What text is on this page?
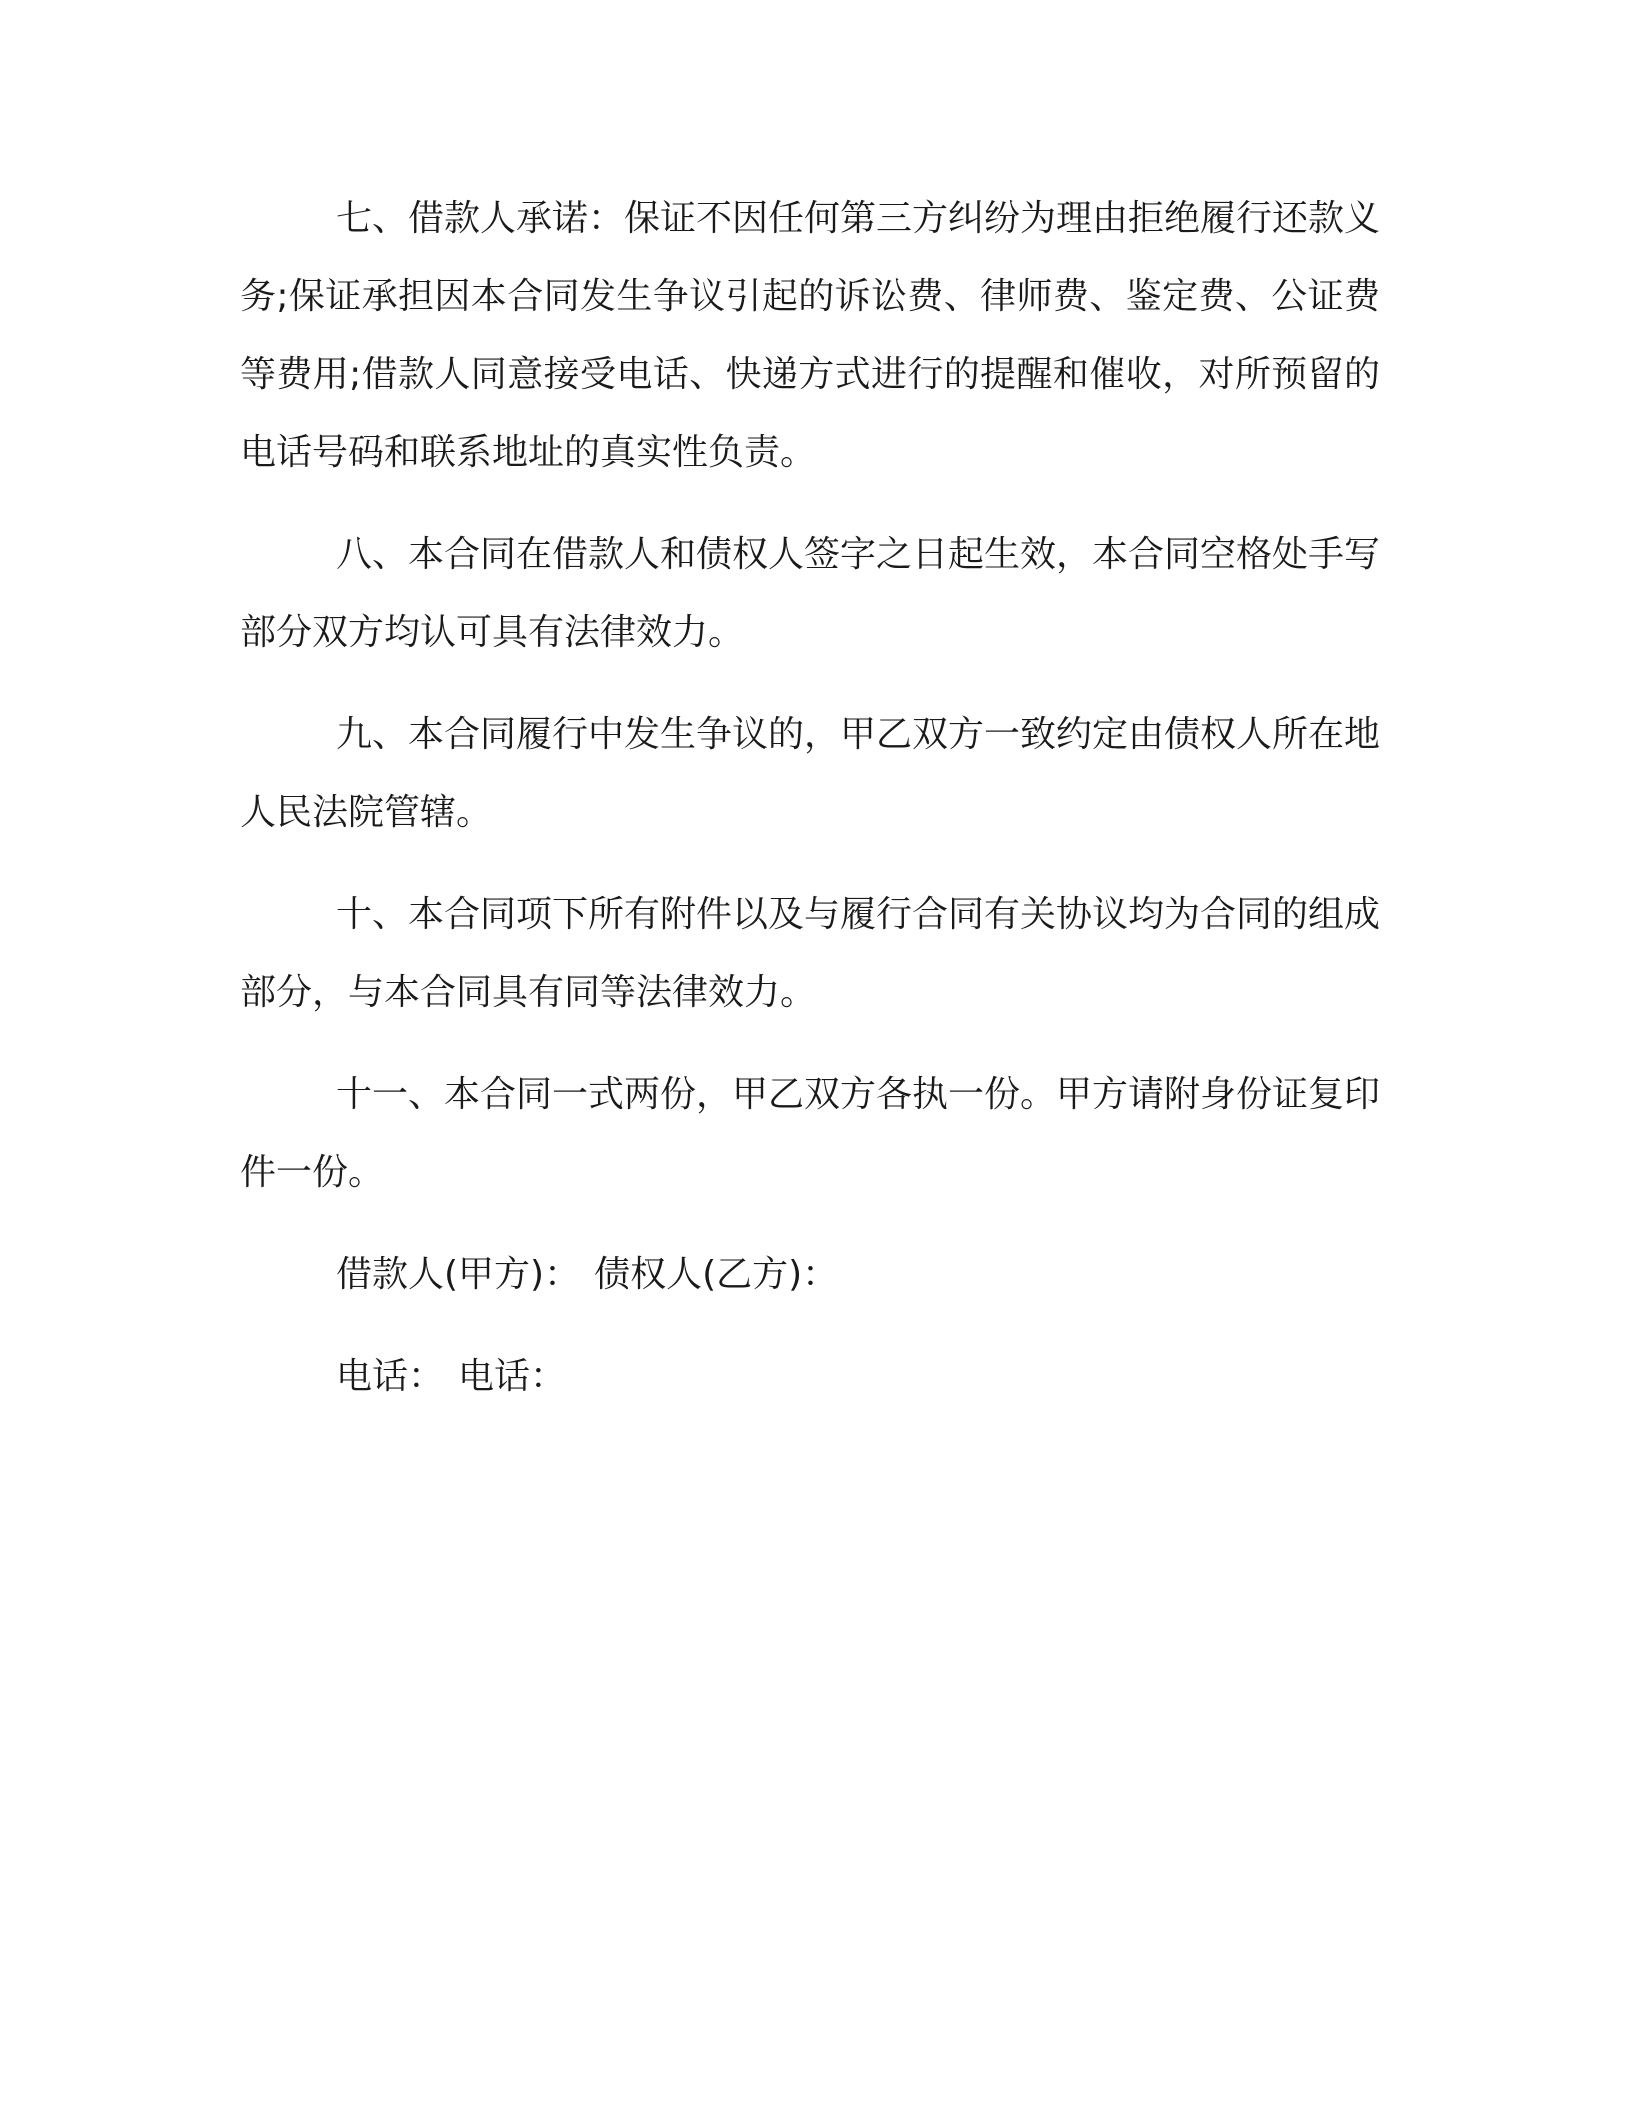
七、借款人承诺：保证不因任何第三方纠纷为理由拒绝履行还款义务;保证承担因本合同发生争议引起的诉讼费、律师费、鉴定费、公证费等费用;借款人同意接受电话、快递方式进行的提醒和催收，对所预留的电话号码和联系地址的真实性负责。

八、本合同在借款人和债权人签字之日起生效，本合同空格处手写部分双方均认可具有法律效力。

九、本合同履行中发生争议的，甲乙双方一致约定由债权人所在地人民法院管辖。

十、本合同项下所有附件以及与履行合同有关协议均为合同的组成部分，与本合同具有同等法律效力。

十一、本合同一式两份，甲乙双方各执一份。甲方请附身份证复印件一份。

借款人(甲方)： 债权人(乙方)：
电话： 电话：
